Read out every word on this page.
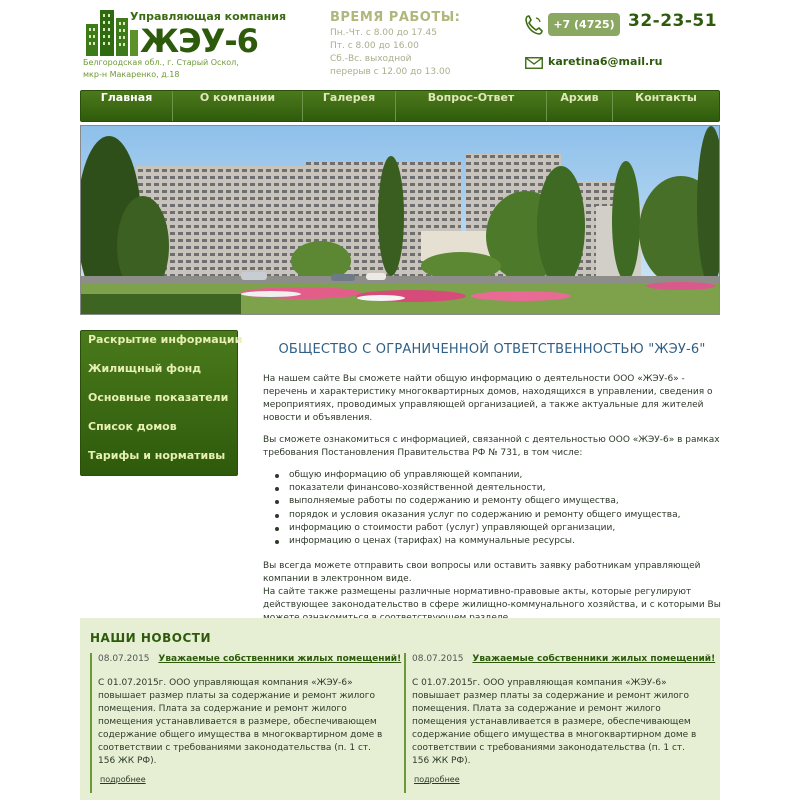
Управляющая компания
ЖЭУ-6
Белгородская обл., г. Старый Оскол, мкр-н Макаренко, д.18
ВРЕМЯ РАБОТЫ:
Пн.-Чт. с 8.00 до 17.45
Пт. с 8.00 до 16.00
Сб.-Вс. выходной
перерыв с 12.00 до 13.00
+7 (4725) 32-23-51
karetina6@mail.ru
Главная	О компании	Галерея	Вопрос-Ответ	Архив	Контакты
Раскрытие информации
Жилищный фонд
Основные показатели
Список домов
Тарифы и нормативы
ОБЩЕСТВО С ОГРАНИЧЕННОЙ ОТВЕТСТВЕННОСТЬЮ "ЖЭУ-6"

На нашем сайте Вы сможете найти общую информацию о деятельности ООО «ЖЭУ-6» - перечень и характеристику многоквартирных домов, находящихся в управлении, сведения о мероприятиях, проводимых управляющей организацией, а также актуальные для жителей новости и объявления.

Вы сможете ознакомиться с информацией, связанной с деятельностью ООО «ЖЭУ-6» в рамках требования Постановления Правительства РФ № 731, в том числе:

общую информацию об управляющей компании,
показатели финансово-хозяйственной деятельности,
выполняемые работы по содержанию и ремонту общего имущества,
порядок и условия оказания услуг по содержанию и ремонту общего имущества,
информацию о стоимости работ (услуг) управляющей организации,
информацию о ценах (тарифах) на коммунальные ресурсы.

Вы всегда можете отправить свои вопросы или оставить заявку работникам управляющей компании в электронном виде.

На сайте также размещены различные нормативно-правовые акты, которые регулируют действующее законодательство в сфере жилищно-коммунального хозяйства, и с которыми Вы

НАШИ НОВОСТИ
08.07.2015 Уважаемые собственники жилых помещений!
С 01.07.2015г. ООО управляющая компания «ЖЭУ-6» повышает размер платы за содержание и ремонт жилого помещения. Плата за содержание и ремонт жилого помещения устанавливается в размере, обеспечивающем содержание общего имущества в многоквартирном доме в соответствии с требованиями законодательства (п. 1 ст. 156 ЖК РФ).
подробнее
08.07.2015 Уважаемые собственники жилых помещений!
С 01.07.2015г. ООО управляющая компания «ЖЭУ-6» повышает размер платы за содержание и ремонт жилого помещения. Плата за содержание и ремонт жилого помещения устанавливается в размере, обеспечивающем содержание общего имущества в многоквартирном доме в соответствии с требованиями законодательства (п. 1 ст. 156 ЖК РФ).
подробнее
